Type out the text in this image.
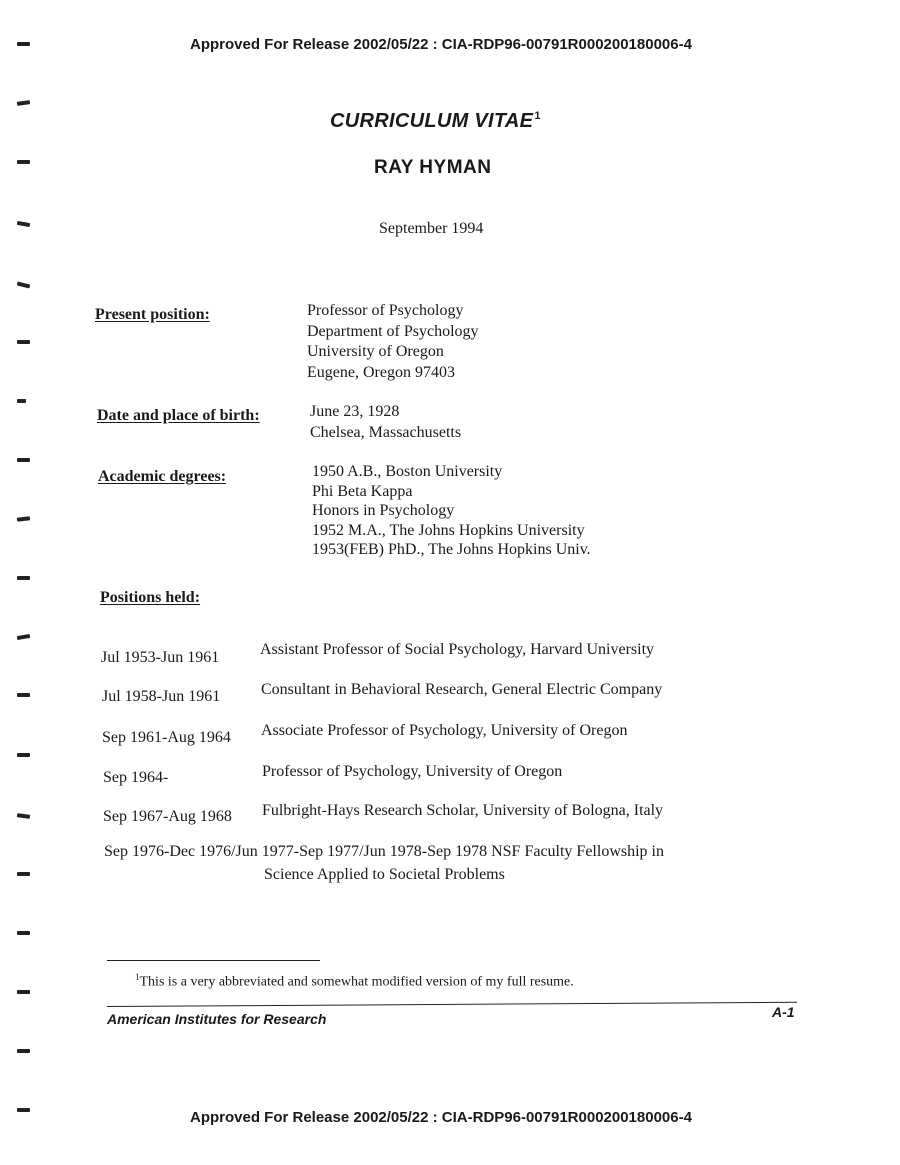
Approved For Release 2002/05/22 : CIA-RDP96-00791R000200180006-4
CURRICULUM VITAE$^1$
RAY HYMAN
September 1994
Present position:	Professor of Psychology
Department of Psychology
University of Oregon
Eugene, Oregon 97403
Date and place of birth:	June 23, 1928
Chelsea, Massachusetts
Academic degrees:	1950 A.B., Boston University
Phi Beta Kappa
Honors in Psychology
1952 M.A., The Johns Hopkins University
1953(FEB) PhD., The Johns Hopkins Univ.
Positions held:
Jul 1953-Jun 1961	Assistant Professor of Social Psychology, Harvard University
Jul 1958-Jun 1961	Consultant in Behavioral Research, General Electric Company
Sep 1961-Aug 1964 Associate Professor of Psychology, University of Oregon
Sep 1964-	Professor of Psychology, University of Oregon
Sep 1967-Aug 1968 Fulbright-Hays Research Scholar, University of Bologna, Italy
Sep 1976-Dec 1976/Jun 1977-Sep 1977/Jun 1978-Sep 1978 NSF Faculty Fellowship in
Science Applied to Societal Problems
$^1$This is a very abbreviated and somewhat modified version of my full resume.
American Institutes for Research	A-1
Approved For Release 2002/05/22 : CIA-RDP96-00791R000200180006-4
